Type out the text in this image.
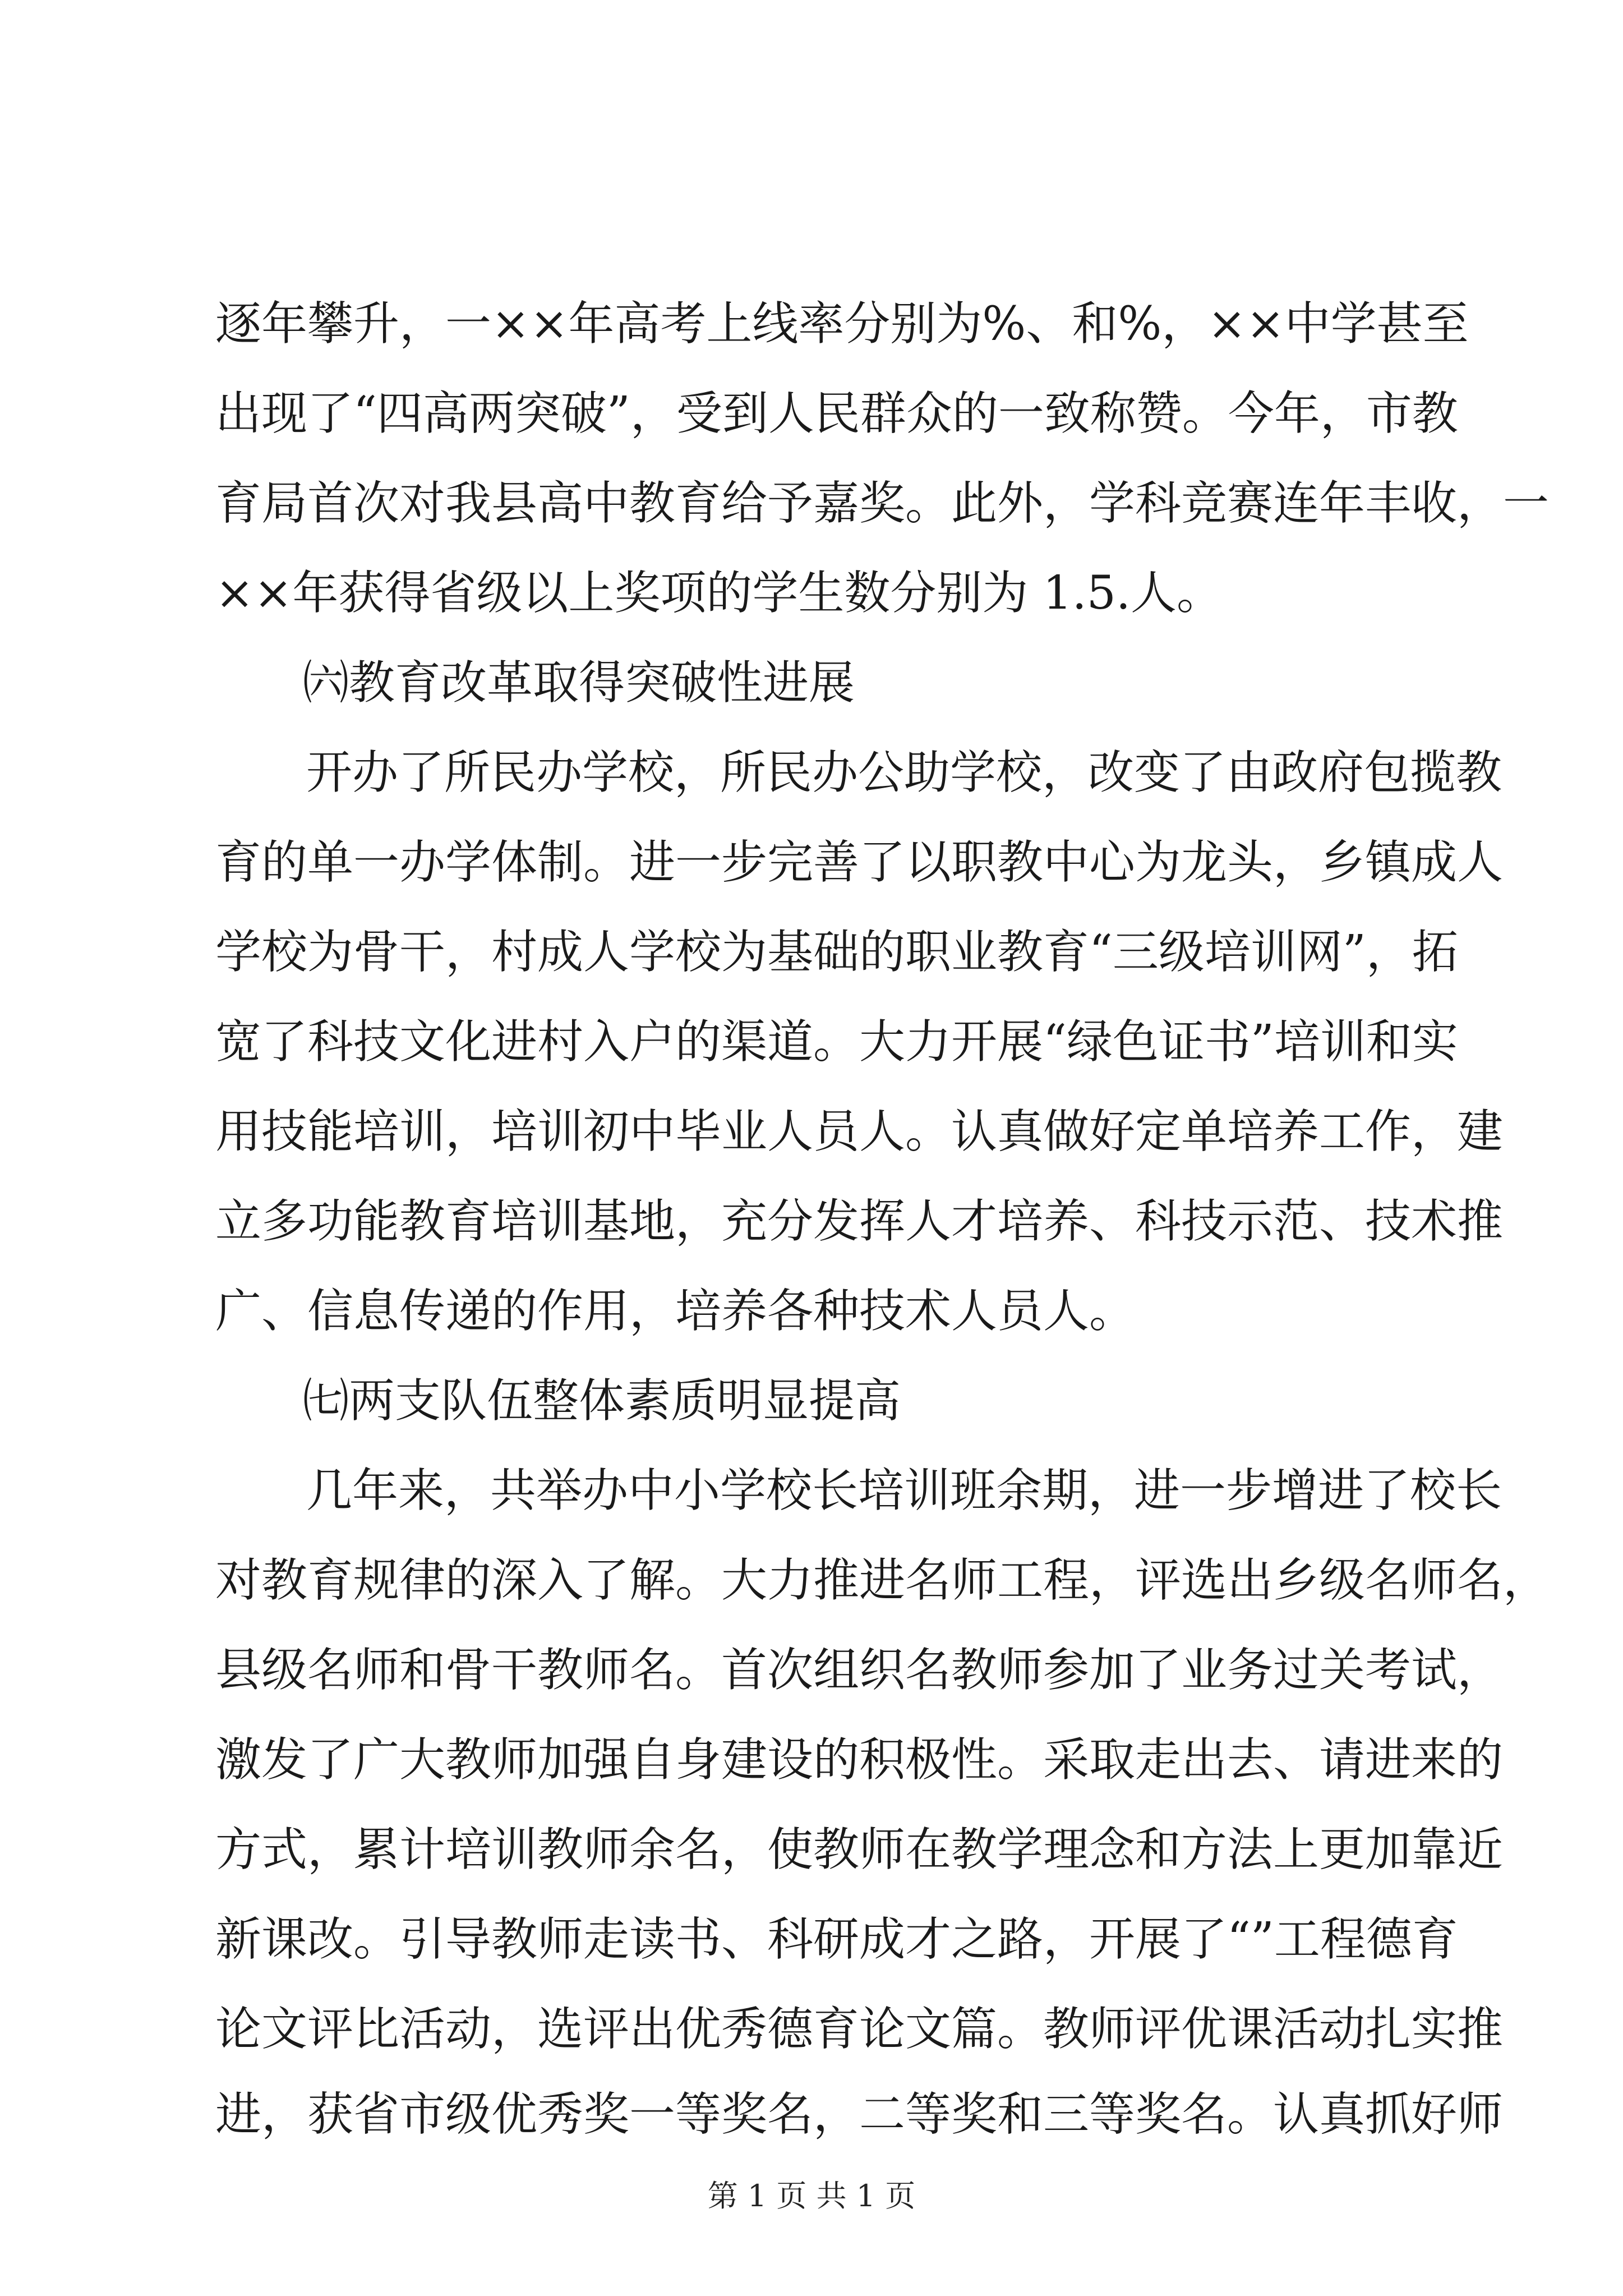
逐年攀升，一××年高考上线率分别为%、和%，××中学甚至
出现了“四高两突破”，受到人民群众的一致称赞。今年，市教
育局首次对我县高中教育给予嘉奖。此外，学科竞赛连年丰收，一
××年获得省级以上奖项的学生数分别为 1.5.人。
㈥教育改革取得突破性进展
开办了所民办学校，所民办公助学校，改变了由政府包揽教
育的单一办学体制。进一步完善了以职教中心为龙头，乡镇成人
学校为骨干，村成人学校为基础的职业教育“三级培训网”，拓
宽了科技文化进村入户的渠道。大力开展“绿色证书”培训和实
用技能培训，培训初中毕业人员人。认真做好定单培养工作，建
立多功能教育培训基地，充分发挥人才培养、科技示范、技术推
广、信息传递的作用，培养各种技术人员人。
㈦两支队伍整体素质明显提高
几年来，共举办中小学校长培训班余期，进一步增进了校长
对教育规律的深入了解。大力推进名师工程，评选出乡级名师名，
县级名师和骨干教师名。首次组织名教师参加了业务过关考试，
激发了广大教师加强自身建设的积极性。采取走出去、请进来的
方式，累计培训教师余名，使教师在教学理念和方法上更加靠近
新课改。引导教师走读书、科研成才之路，开展了“”工程德育
论文评比活动，选评出优秀德育论文篇。教师评优课活动扎实推
第 1 页 共 1 页
进，获省市级优秀奖一等奖名，二等奖和三等奖名。认真抓好师
